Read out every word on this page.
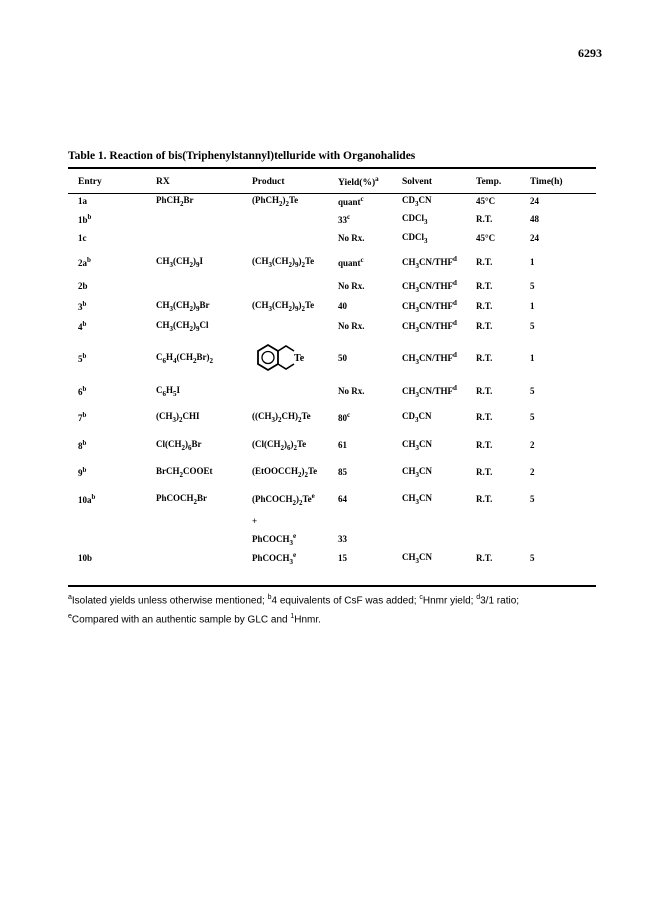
6293
Table 1. Reaction of bis(Triphenylstannyl)telluride with Organohalides
Entry	RX	Product	Yield(%)$^a$	Solvent	Temp.	Time(h)
1a	PhCH$_2$Br	$(PhCH_2)_2Te$	quant$^c$	$CD_3CN$	45°C	24
$1b^b$			33$^c$	CDCl$_3$	R.T.	48
1c			No Rx.	CDCl$_3$	45°C	24
$2a^b$	$CH_3(CH_2)_9I$	$(CH_3(CH_2)_9)_2Te$	quant$^c$	$CH_3CN/THF^d$	R.T.	1
2b			No Rx.	$CH_3CN/THF^d$	R.T.	5
3$^b$	$CH_3(CH_2)_9Br$	$(CH_3(CH_2)_9)_2Te$	40	$CH_3CN/THF^d$	R.T.	1
4$^b$	$CH_3(CH_2)_9Cl$		No Rx.	$CH_3CN/THF^d$	R.T.	5
5$^b$	$C_6H_4(CH_2Br)_2$	Te	50	$CH_3CN/THF^d$	R.T.	1
6$^b$	$C_6H_5I$		No Rx.	$CH_3CN/THF^d$	R.T.	5
7$^b$	$(CH_3)_2CHI$	$((CH_3)_2CH)_2Te$	80$^c$	$CD_3CN$	R.T.	5
8$^b$	$Cl(CH_2)_6Br$	$(Cl(CH_2)_6)_2Te$	61	$CH_3CN$	R.T.	2
9$^b$	BrCH$_2$COOEt	$(EtOOCCH_2)_2Te$	85	$CH_3CN$	R.T.	2
$10a^b$	PhCOCH$_2$Br	$(PhCOCH_2)_2Te^e$	64	$CH_3CN$	R.T.	5
		+				
		PhCOCH$_3^e$	33			
10b		PhCOCH$_3^e$	15	$CH_3CN$	R.T.	5
$^a$Isolated yields unless otherwise mentioned; $^b$4 equivalents of CsF was added; $^c$Hnmr yield; $^d$3/1 ratio;
$^e$Compared with an authentic sample by GLC and $^1$Hnmr.
